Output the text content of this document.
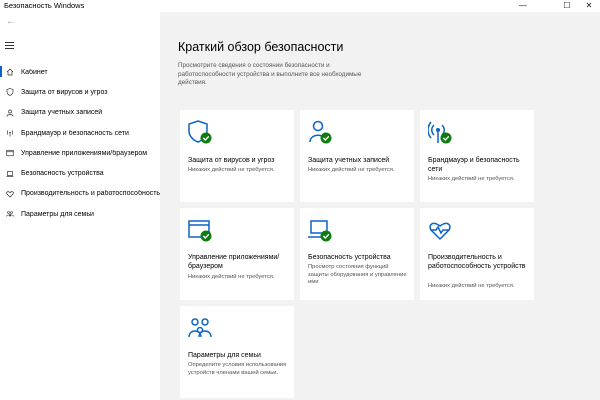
Безопасность Windows	—	☐	✕
←
Кабинет
Защита от вирусов и угроз
Защита учетных записей
Брандмауэр и безопасность сети
Управление приложениями/браузером
Безопасность устройства
Производительность и работоспособность
Параметры для семьи
Краткий обзор безопасности
Просмотрите сведения о состоянии безопасности и работоспособности устройства и выполните все необходимые действия.
Защита от вирусов и угроз
Никаких действий не требуется.
Защита учетных записей
Никаких действий не требуется.
Брандмауэр и безопасность сети
Никаких действий не требуется.
Управление приложениями/браузером
Никаких действий не требуется.
Безопасность устройства
Просмотр состояния функций защиты оборудования и управление ими
Производительность и работоспособность устройств
Никаких действий не требуется.
Параметры для семьи
Определите условия использования устройств членами вашей семьи.
